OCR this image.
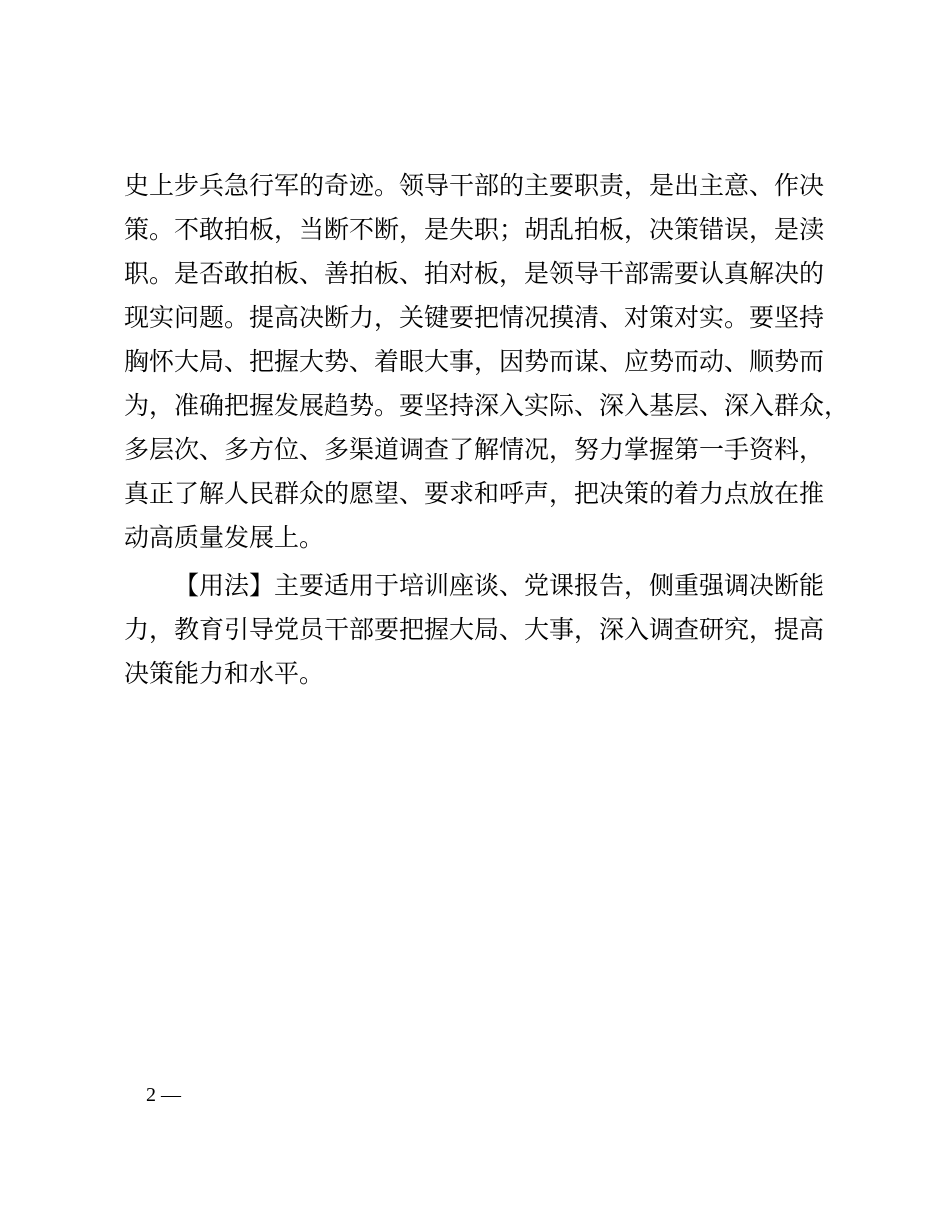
史上步兵急行军的奇迹。领导干部的主要职责，是出主意、作决
策。不敢拍板，当断不断，是失职；胡乱拍板，决策错误，是渎
职。是否敢拍板、善拍板、拍对板，是领导干部需要认真解决的
现实问题。提高决断力，关键要把情况摸清、对策对实。要坚持
胸怀大局、把握大势、着眼大事，因势而谋、应势而动、顺势而
为，准确把握发展趋势。要坚持深入实际、深入基层、深入群众，
多层次、多方位、多渠道调查了解情况，努力掌握第一手资料，
真正了解人民群众的愿望、要求和呼声，把决策的着力点放在推
动高质量发展上。
【用法】主要适用于培训座谈、党课报告，侧重强调决断能
力，教育引导党员干部要把握大局、大事，深入调查研究，提高
决策能力和水平。
2 —
